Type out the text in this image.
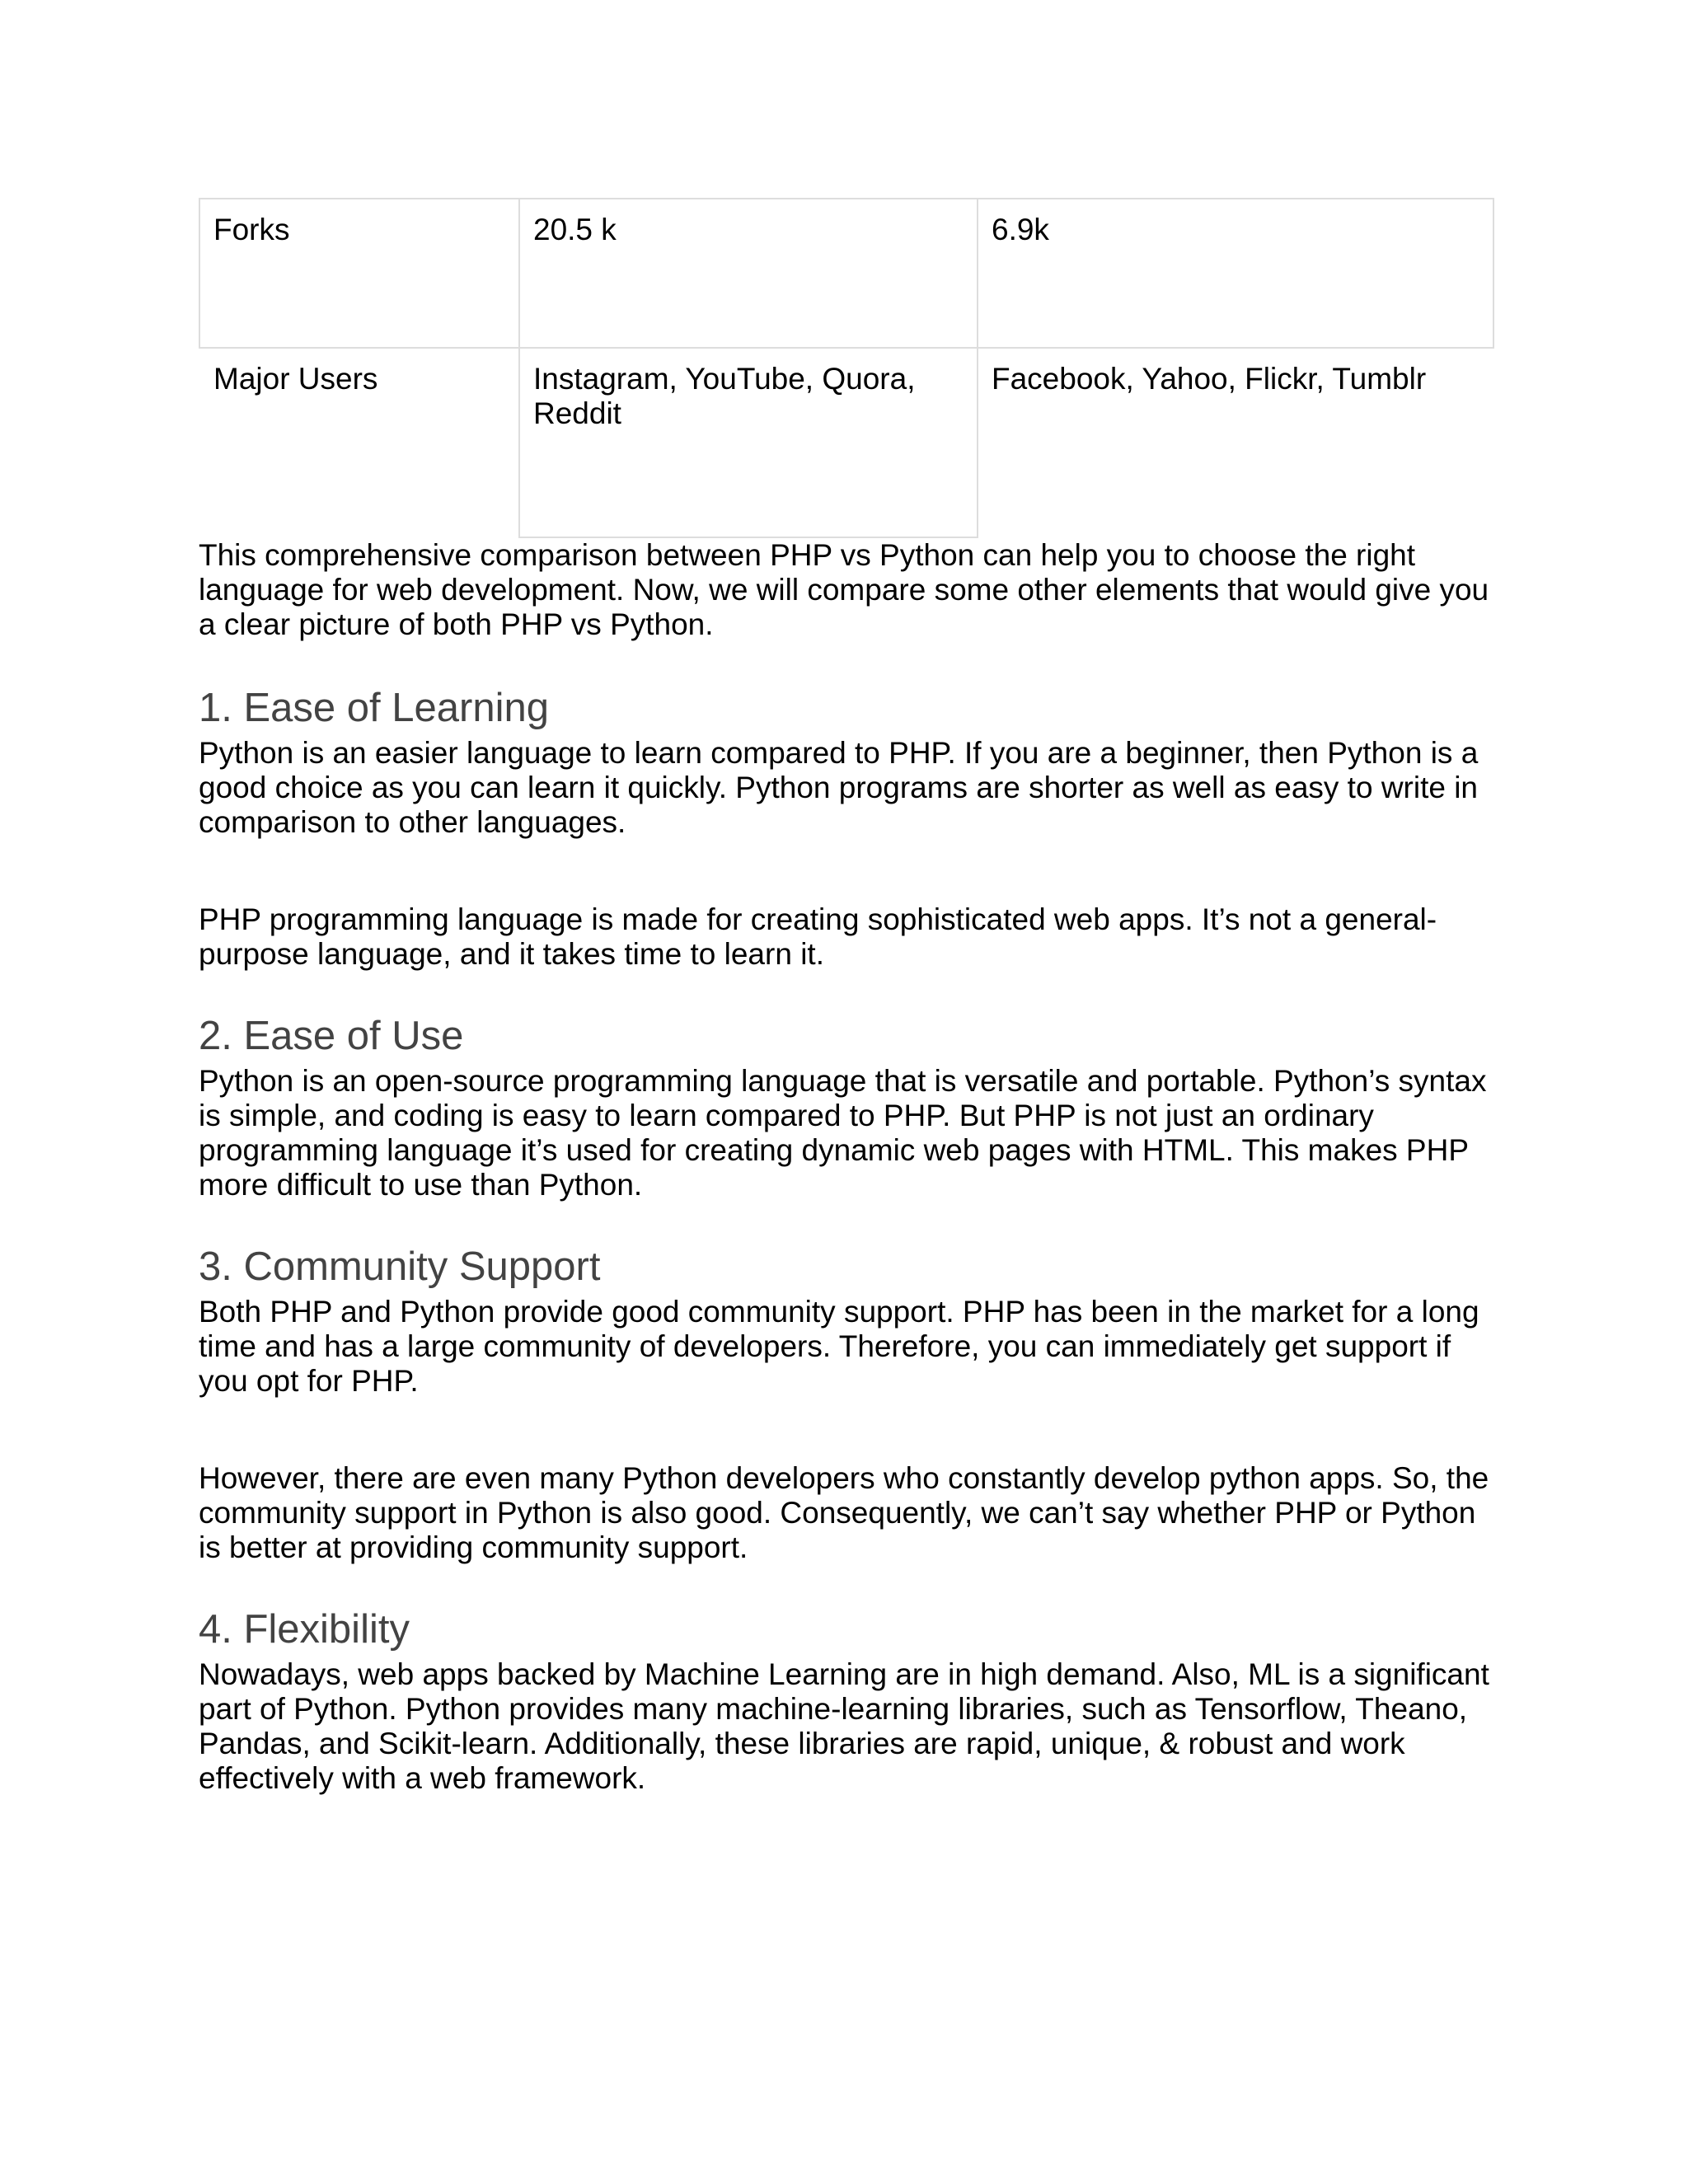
Forks	20.5 k	6.9k
Major Users	Instagram, YouTube, Quora, Reddit	Facebook, Yahoo, Flickr, Tumblr

This comprehensive comparison between PHP vs Python can help you to choose the right language for web development. Now, we will compare some other elements that would give you a clear picture of both PHP vs Python.

1. Ease of Learning

Python is an easier language to learn compared to PHP. If you are a beginner, then Python is a good choice as you can learn it quickly. Python programs are shorter as well as easy to write in comparison to other languages.

PHP programming language is made for creating sophisticated web apps. It’s not a general-purpose language, and it takes time to learn it.

2. Ease of Use

Python is an open-source programming language that is versatile and portable. Python’s syntax is simple, and coding is easy to learn compared to PHP. But PHP is not just an ordinary programming language it’s used for creating dynamic web pages with HTML. This makes PHP more difficult to use than Python.

3. Community Support

Both PHP and Python provide good community support. PHP has been in the market for a long time and has a large community of developers. Therefore, you can immediately get support if you opt for PHP.

However, there are even many Python developers who constantly develop python apps. So, the community support in Python is also good. Consequently, we can’t say whether PHP or Python is better at providing community support.

4. Flexibility

Nowadays, web apps backed by Machine Learning are in high demand. Also, ML is a significant part of Python. Python provides many machine-learning libraries, such as Tensorflow, Theano, Pandas, and Scikit-learn. Additionally, these libraries are rapid, unique, & robust and work effectively with a web framework.
